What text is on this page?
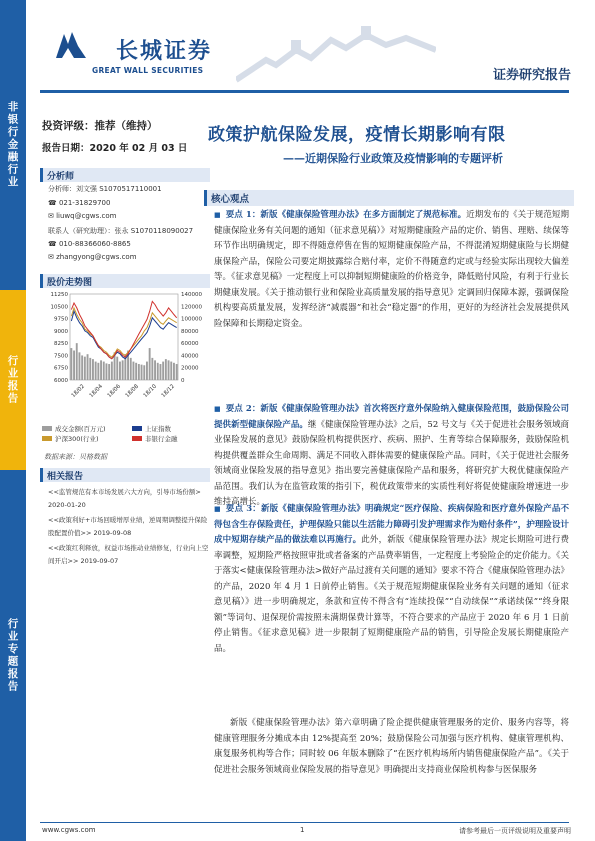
非银行金融行业
行业报告
行业专题报告
长城证券
GREAT WALL SECURITIES	证券研究报告
投资评级：推荐（维持）
报告日期：2020 年 02 月 03 日
分析师
分析师：刘文强 S1070517110001
☎ 021-31829700
✉ liuwq@cgws.com
联系人（研究助理）：张永 S1070118090027
☎ 010-88366060-8865
✉ zhangyong@cgws.com
股价走势图
11250
10500
9750
9000
8250
7500
6750
6000
140000
120000
100000
80000
60000
40000
20000
0
18/02 18/04 18/06 18/08 18/10 18/12
成交金额(百万元)	上证指数
沪深300(行业)	非银行金融
数据来源：贝格数据
相关报告
<<监管规范有本市场发展六大方向，引导市场份额> 2020-01-20
<<政策利好+市场回暖增厚业绩，逆周期调整提升保险股配置价值>> 2019-09-08
<<政策红利释放，权益市场推动业绩修复，行业向上空间开启>> 2019-09-07
政策护航保险发展，疫情长期影响有限
——近期保险行业政策及疫情影响的专题评析
核心观点
■ 要点 1：新版《健康保险管理办法》在多方面制定了规范标准。近期发布的《关于规范短期健康保险业务有关问题的通知（征求意见稿）》对短期健康险产品的定价、销售、理赔、续保等环节作出明确规定，即不得随意停售在售的短期健康保险产品，不得混淆短期健康险与长期健康保险产品，保险公司要定期披露综合赔付率，定价不得随意约定或与经验实际出现较大偏差等。《征求意见稿》一定程度上可以抑制短期健康险的价格竞争，降低赔付风险，有利于行业长期健康发展。《关于推动银行业和保险业高质量发展的指导意见》定调回归保障本源，强调保险机构要高质量发展，发挥经济“减震器”和社会“稳定器”的作用，更好的为经济社会发展提供风险保障和长期稳定资金。
■ 要点 2：新版《健康保险管理办法》首次将医疗意外保险纳入健康保险范围，鼓励保险公司提供新型健康保险产品。继《健康保险管理办法》之后，52 号文与《关于促进社会服务领域商业保险发展的意见》鼓励保险机构提供医疗、疾病、照护、生育等综合保障服务，鼓励保险机构提供覆盖群众生命周期、满足不同收入群体需要的健康保险产品。同时，《关于促进社会服务领域商业保险发展的指导意见》指出要完善健康保险产品和服务，将研究扩大税优健康保险产品范围。我们认为在监管政策的指引下，税优政策带来的实质性利好将促使健康险增速进一步维持高增长。
■ 要点 3：新版《健康保险管理办法》明确规定“医疗保险、疾病保险和医疗意外保险产品不得包含生存保险责任，护理保险只能以生活能力障碍引发护理需求作为赔付条件”，护理险设计成中短期存续产品的做法难以再施行。此外，新版《健康保险管理办法》规定长期险可进行费率调整，短期险严格按照审批或者备案的产品费率销售，一定程度上考验险企的定价能力。《关于落实<健康保险管理办法>做好产品过渡有关问题的通知》要求不符合《健康保险管理办法》的产品，2020 年 4 月 1 日前停止销售。《关于规范短期健康保险业务有关问题的通知（征求意见稿）》进一步明确规定，条款和宣传不得含有“连续投保”“自动续保”“承诺续保”“终身限额”等词句、退保现价需按照未满期保费计算等，不符合要求的产品应于 2020 年 6 月 1 日前停止销售。《征求意见稿》进一步限制了短期健康险产品的销售，引导险企发展长期健康险产品。
新版《健康保险管理办法》第六章明确了险企提供健康管理服务的定价、服务内容等，将健康管理服务分摊成本由 12%提高至 20%；鼓励保险公司加强与医疗机构、健康管理机构、康复服务机构等合作；同时较 06 年版本删除了“在医疗机构场所内销售健康保险产品”。《关于促进社会服务领域商业保险发展的指导意见》明确提出支持商业保险机构参与医保服务
www.cgws.com	1	请参考最后一页评级说明及重要声明
